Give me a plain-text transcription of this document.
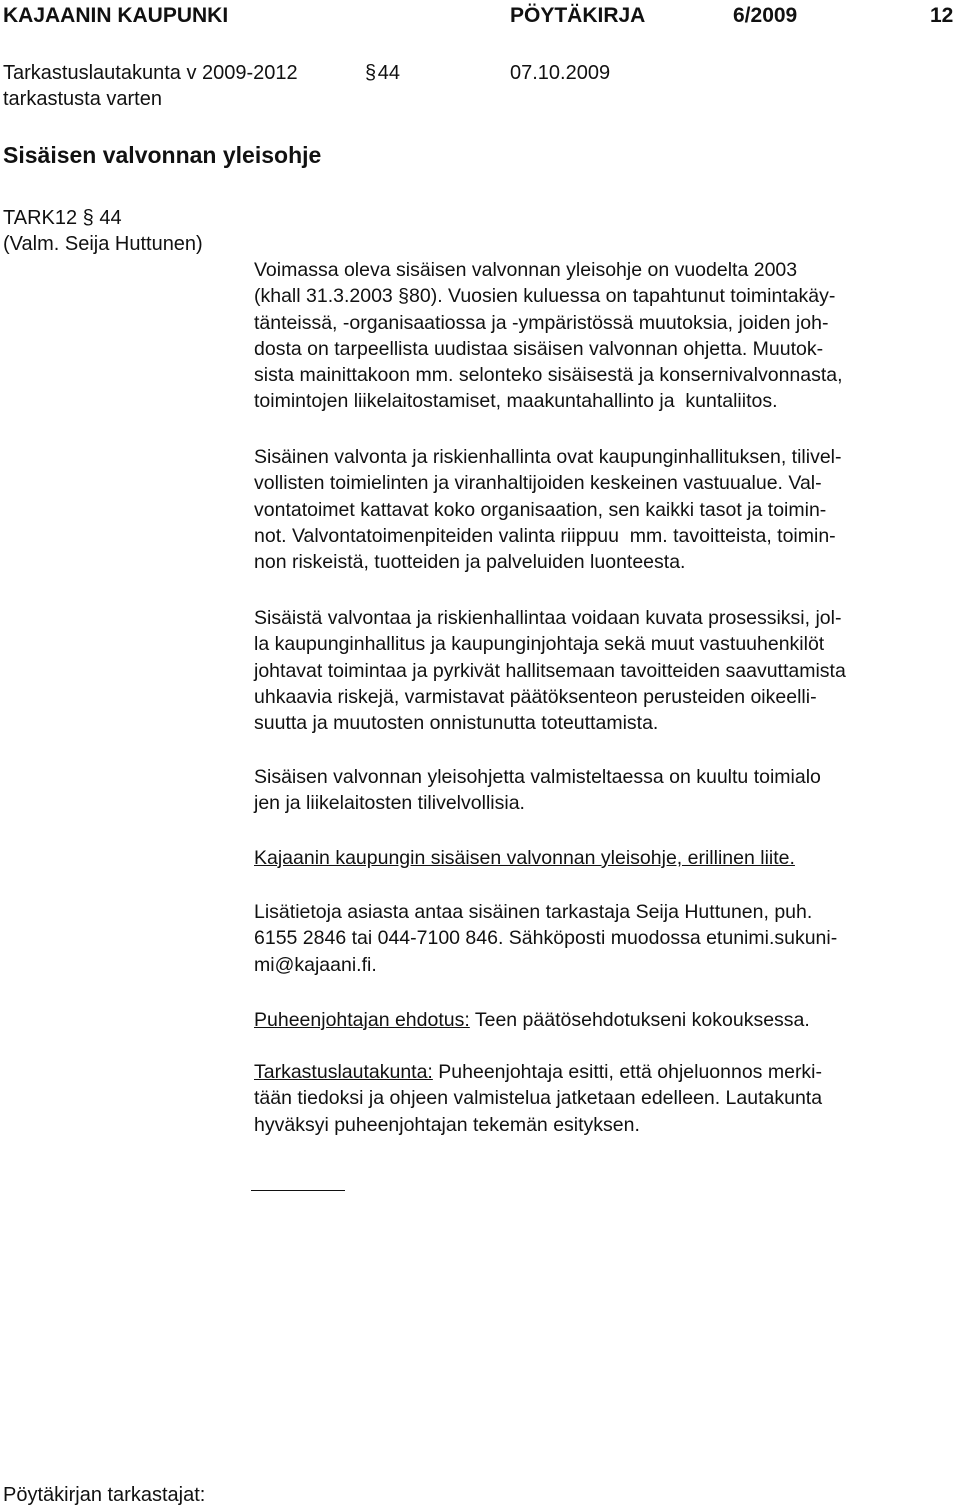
KAJAANIN KAUPUNKI	PÖYTÄKIRJA	6/2009	12
Tarkastuslautakunta v 2009-2012	§ 44	07.10.2009
tarkastusta varten
Sisäisen valvonnan yleisohje
TARK12 § 44
(Valm. Seija Huttunen)
Voimassa oleva sisäisen valvonnan yleisohje on vuodelta 2003
(khall 31.3.2003 §80). Vuosien kuluessa on tapahtunut toimintakäy-
tänteissä, -organisaatiossa ja -ympäristössä muutoksia, joiden joh-
dosta on tarpeellista uudistaa sisäisen valvonnan ohjetta. Muutok-
sista mainittakoon mm. selonteko sisäisestä ja konsernivalvonnasta,
toimintojen liikelaitostamiset, maakuntahallinto ja  kuntaliitos.
Sisäinen valvonta ja riskienhallinta ovat kaupunginhallituksen, tilivel-
vollisten toimielinten ja viranhaltijoiden keskeinen vastuualue. Val-
vontatoimet kattavat koko organisaation, sen kaikki tasot ja toimin-
not. Valvontatoimenpiteiden valinta riippuu  mm. tavoitteista, toimin-
non riskeistä, tuotteiden ja palveluiden luonteesta.
Sisäistä valvontaa ja riskienhallintaa voidaan kuvata prosessiksi, jol-
la kaupunginhallitus ja kaupunginjohtaja sekä muut vastuuhenkilöt
johtavat toimintaa ja pyrkivät hallitsemaan tavoitteiden saavuttamista
uhkaavia riskejä, varmistavat päätöksenteon perusteiden oikeelli-
suutta ja muutosten onnistunutta toteuttamista.
Sisäisen valvonnan yleisohjetta valmisteltaessa on kuultu toimialo
jen ja liikelaitosten tilivelvollisia.
Kajaanin kaupungin sisäisen valvonnan yleisohje, erillinen liite.
Lisätietoja asiasta antaa sisäinen tarkastaja Seija Huttunen, puh.
6155 2846 tai 044-7100 846. Sähköposti muodossa etunimi.sukuni-
mi@kajaani.fi.
Puheenjohtajan ehdotus: Teen päätösehdotukseni kokouksessa.
Tarkastuslautakunta: Puheenjohtaja esitti, että ohjeluonnos merki-
tään tiedoksi ja ohjeen valmistelua jatketaan edelleen. Lautakunta
hyväksyi puheenjohtajan tekemän esityksen.
Pöytäkirjan tarkastajat:
